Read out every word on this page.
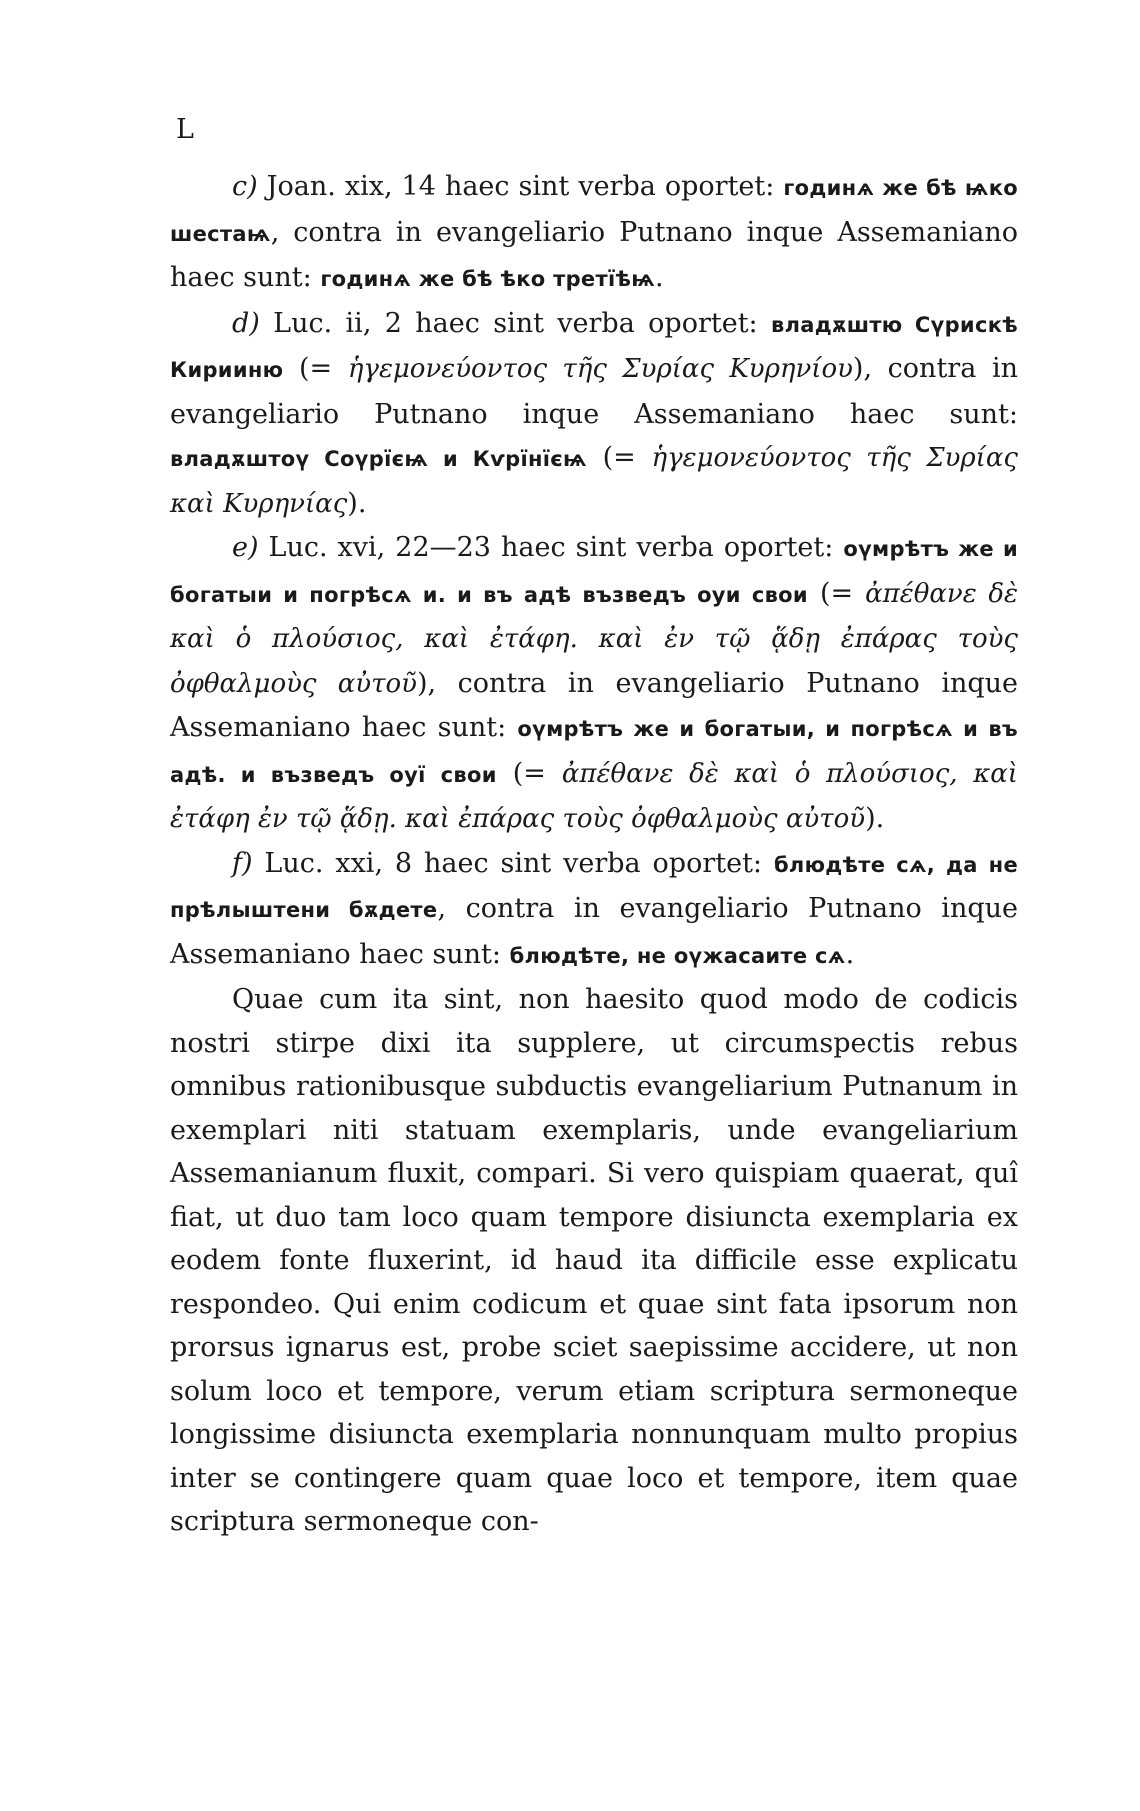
L

c) Joan. xix, 14 haec sint verba oportet: годинѧ же бѣ ѩко шестаѩ, contra in evangeliario Putnano inque Assemaniano haec sunt: годинѧ же бѣ ѣко третїѣѩ.

d) Luc. ii, 2 haec sint verba oportet: владѫштю Сүрискѣ Кирииню (= ἡγεμονεύοντος τῆς Συρίας Κυρηνίου), contra in evangeliario Putnano inque Assemaniano haec sunt: владѫштоү Соүрїєѩ и Кѵрїнїєѩ (= ἡγεμονεύοντος τῆς Συρίας καὶ Κυρηνίας).

e) Luc. xvi, 22—23 haec sint verba oportet: оүмрѣтъ же и богатыи и погрѣсѧ и. и въ адѣ възведъ оуи свои (= ἀπέθανε δὲ καὶ ὁ πλούσιος, καὶ ἐτάφη. καὶ ἐν τῷ ᾅδῃ ἐπάρας τοὺς ὀφθαλμοὺς αὐτοῦ), contra in evangeliario Putnano inque Assemaniano haec sunt: оүмрѣтъ же и богатыи, и погрѣсѧ и въ адѣ. и възведъ оуї свои (= ἀπέθανε δὲ καὶ ὁ πλούσιος, καὶ ἐτάφη ἐν τῷ ᾅδῃ. καὶ ἐπάρας τοὺς ὀφθαλμοὺς αὐτοῦ).

f) Luc. xxi, 8 haec sint verba oportet: блюдѣте сѧ, да не прѣлыштени бѫдете, contra in evangeliario Putnano inque Assemaniano haec sunt: блюдѣте, не оүжасаите сѧ.

Quae cum ita sint, non haesito quod modo de codicis nostri stirpe dixi ita supplere, ut circumspectis rebus omnibus rationibusque subductis evangeliarium Putnanum in exemplari niti statuam exemplaris, unde evangeliarium Assemanianum fluxit, compari. Si vero quispiam quaerat, quî fiat, ut duo tam loco quam tempore disiuncta exemplaria ex eodem fonte fluxerint, id haud ita difficile esse explicatu respondeo. Qui enim codicum et quae sint fata ipsorum non prorsus ignarus est, probe sciet saepissime accidere, ut non solum loco et tempore, verum etiam scriptura sermoneque longissime disiuncta exemplaria nonnunquam multo propius inter se contingere quam quae loco et tempore, item quae scriptura sermoneque con-
